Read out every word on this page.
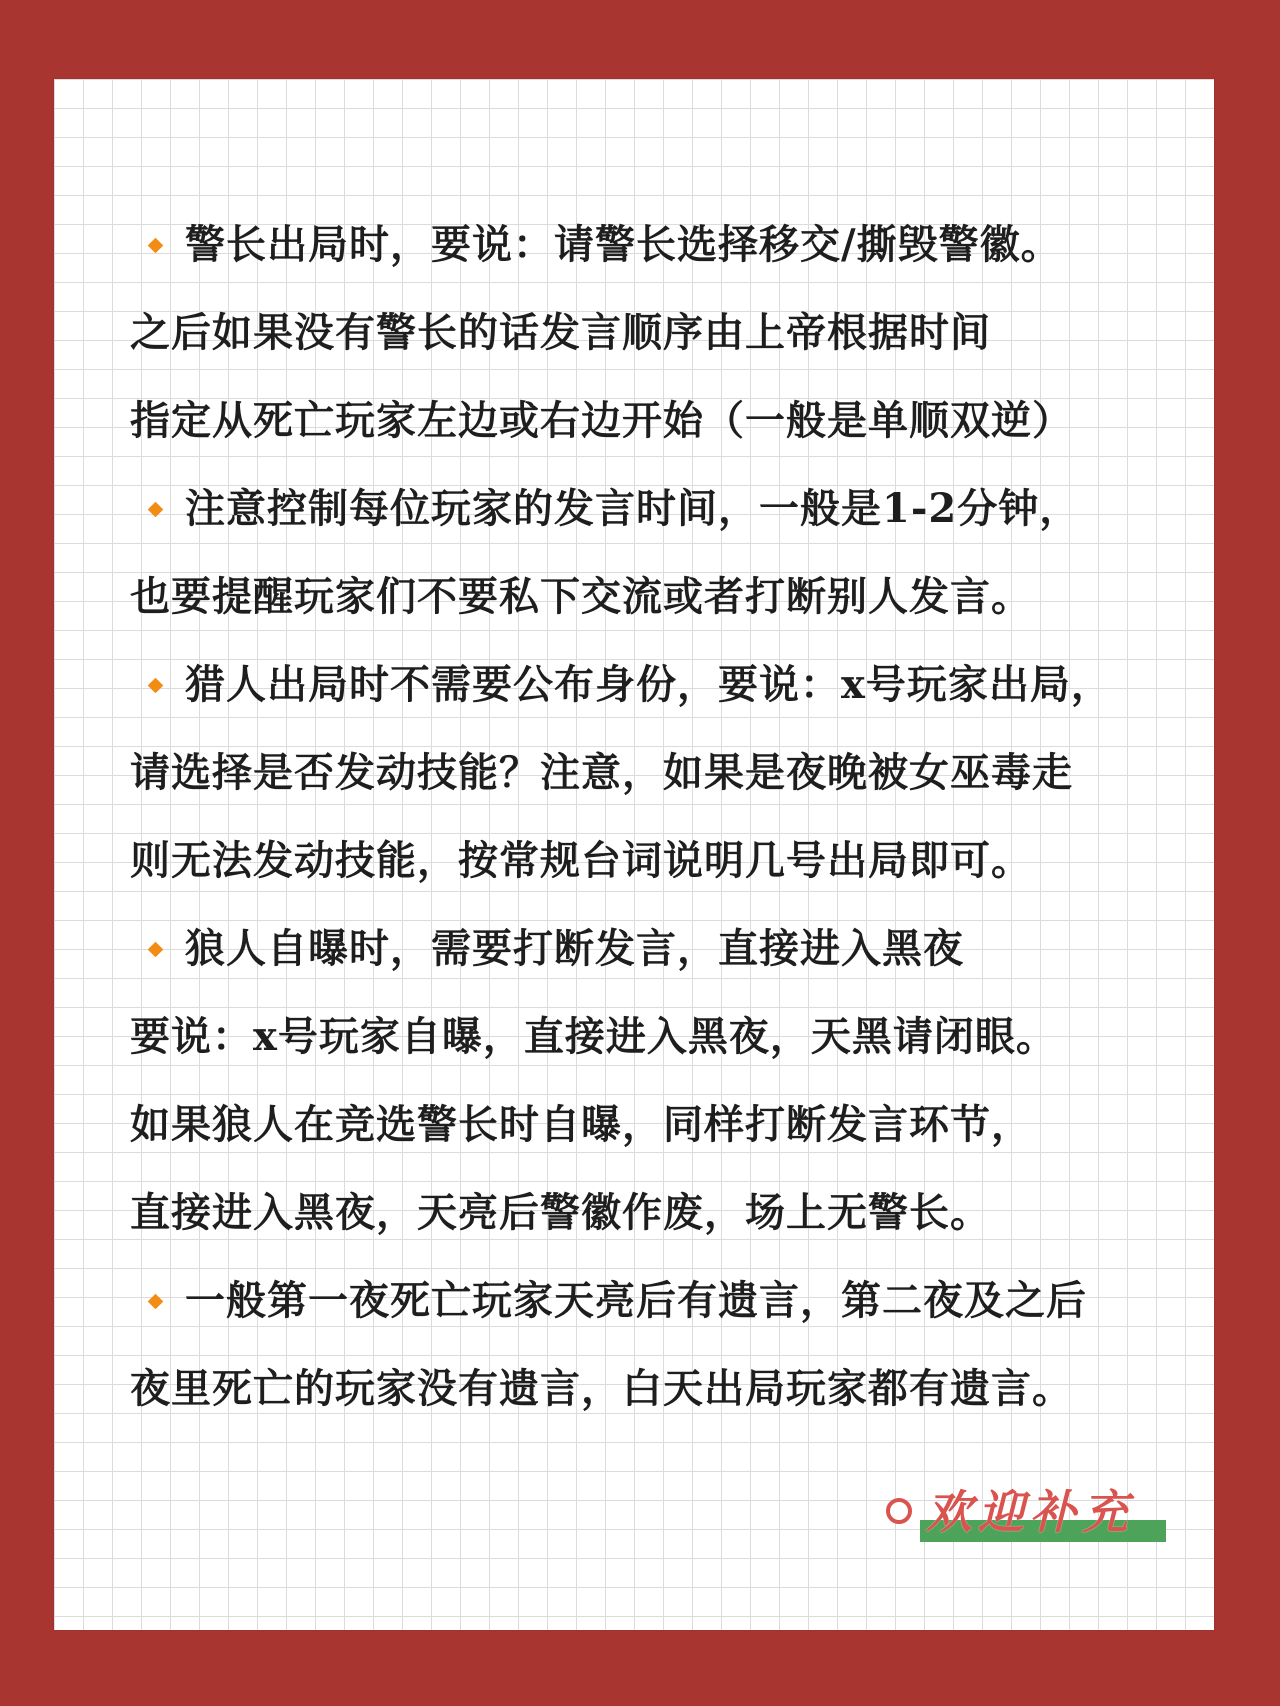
警长出局时，要说：请警长选择移交/撕毁警徽。
之后如果没有警长的话发言顺序由上帝根据时间
指定从死亡玩家左边或右边开始（一般是单顺双逆）
注意控制每位玩家的发言时间，一般是1-2分钟，
也要提醒玩家们不要私下交流或者打断别人发言。
猎人出局时不需要公布身份，要说：x号玩家出局，
请选择是否发动技能？注意，如果是夜晚被女巫毒走
则无法发动技能，按常规台词说明几号出局即可。
狼人自曝时，需要打断发言，直接进入黑夜
要说：x号玩家自曝，直接进入黑夜，天黑请闭眼。
如果狼人在竞选警长时自曝，同样打断发言环节，
直接进入黑夜，天亮后警徽作废，场上无警长。
一般第一夜死亡玩家天亮后有遗言，第二夜及之后
夜里死亡的玩家没有遗言，白天出局玩家都有遗言。
欢迎补充
